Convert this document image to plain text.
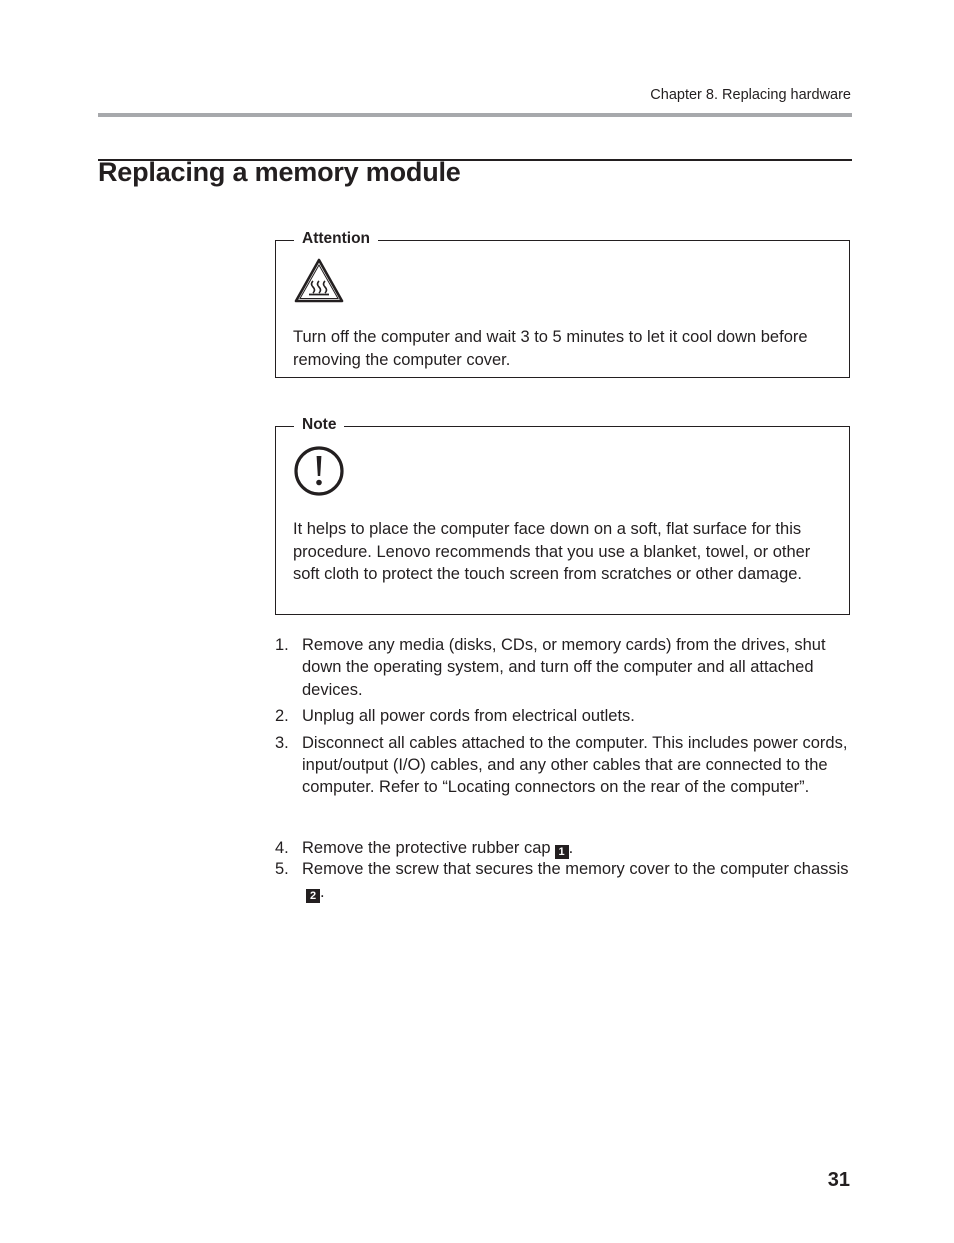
Chapter 8. Replacing hardware
Replacing a memory module
Attention

Turn off the computer and wait 3 to 5 minutes to let it cool down before removing the computer cover.

Note

It helps to place the computer face down on a soft, flat surface for this procedure. Lenovo recommends that you use a blanket, towel, or other soft cloth to protect the touch screen from scratches or other damage.

1. Remove any media (disks, CDs, or memory cards) from the drives, shut down the operating system, and turn off the computer and all attached devices.
2. Unplug all power cords from electrical outlets.
3. Disconnect all cables attached to the computer. This includes power cords, input/output (I/O) cables, and any other cables that are connected to the computer. Refer to “Locating connectors on the rear of the computer”.
4. Remove the protective rubber cap 1 .
5. Remove the screw that secures the memory cover to the computer chassis2 .
31
